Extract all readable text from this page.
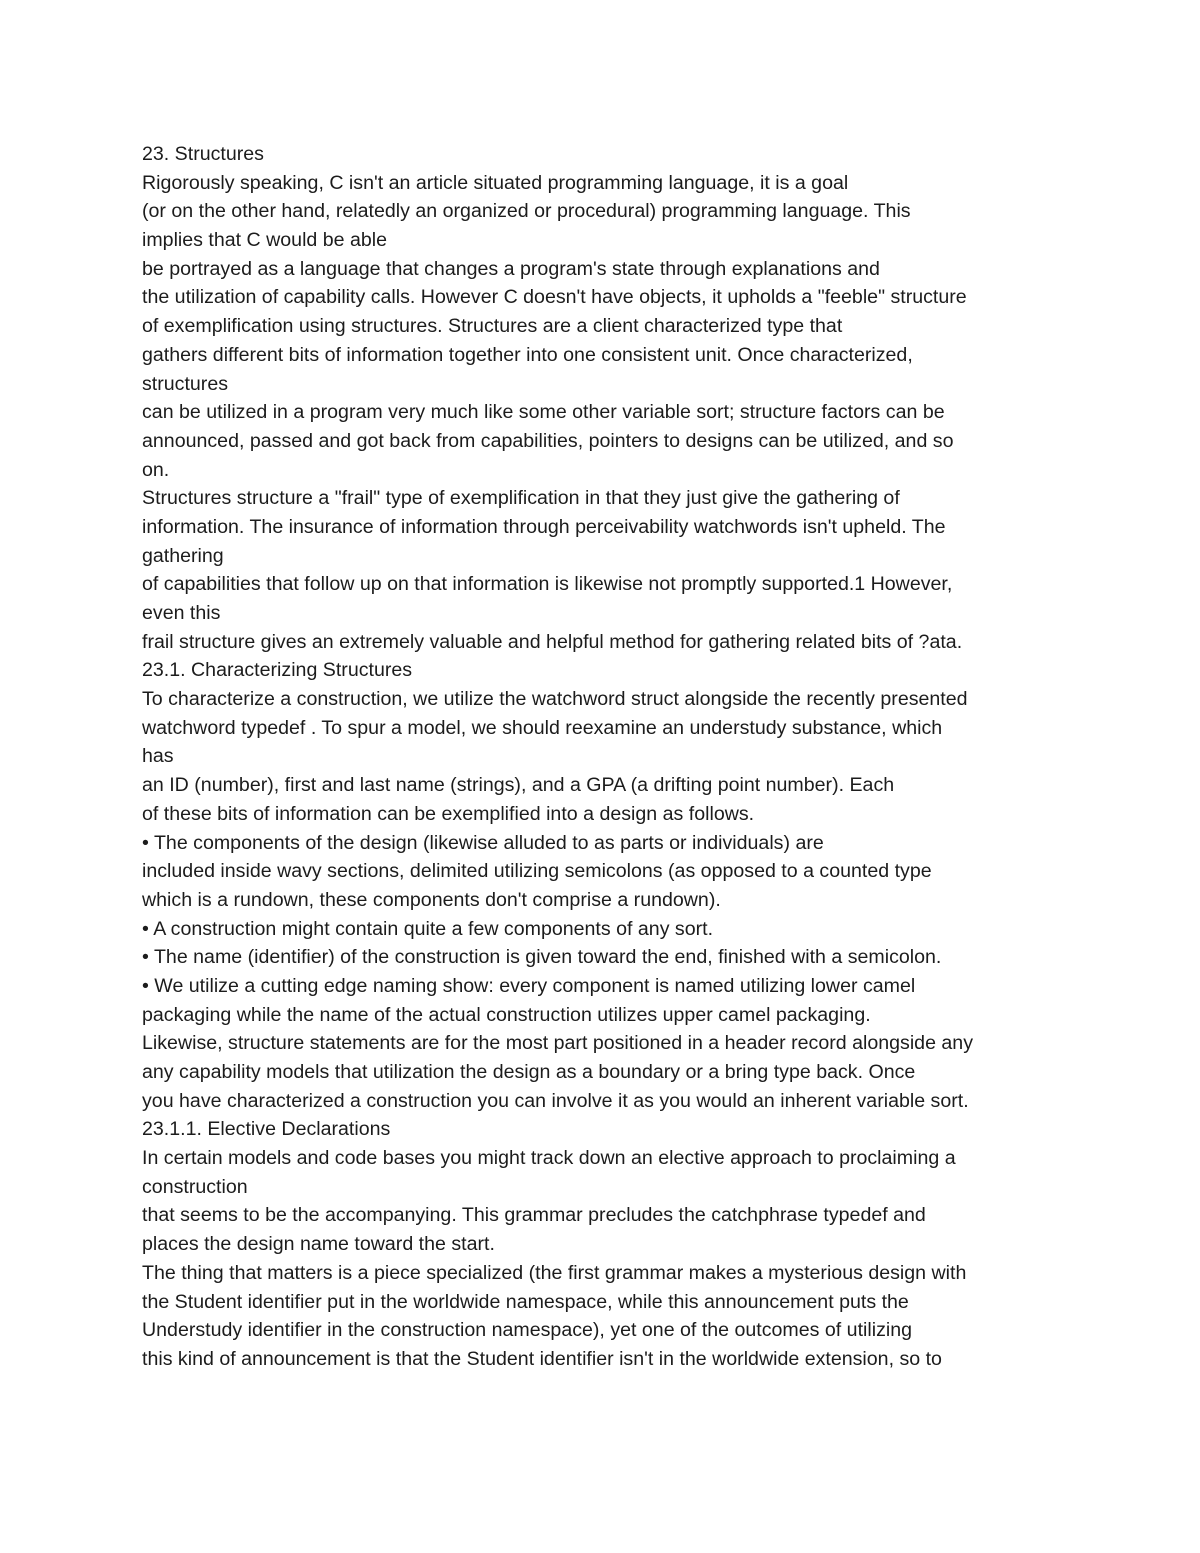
23. Structures
Rigorously speaking, C isn't an article situated programming language, it is a goal
(or on the other hand, relatedly an organized or procedural) programming language. This
implies that C would be able
be portrayed as a language that changes a program's state through explanations and
the utilization of capability calls. However C doesn't have objects, it upholds a "feeble" structure
of exemplification using structures. Structures are a client characterized type that
gathers different bits of information together into one consistent unit. Once characterized,
structures
can be utilized in a program very much like some other variable sort; structure factors can be
announced, passed and got back from capabilities, pointers to designs can be utilized, and so
on.
Structures structure a "frail" type of exemplification in that they just give the gathering of
information. The insurance of information through perceivability watchwords isn't upheld. The
gathering
of capabilities that follow up on that information is likewise not promptly supported.1 However,
even this
frail structure gives an extremely valuable and helpful method for gathering related bits of ?ata.
23.1. Characterizing Structures
To characterize a construction, we utilize the watchword struct alongside the recently presented
watchword typedef . To spur a model, we should reexamine an understudy substance, which
has
an ID (number), first and last name (strings), and a GPA (a drifting point number). Each
of these bits of information can be exemplified into a design as follows.
• The components of the design (likewise alluded to as parts or individuals) are
included inside wavy sections, delimited utilizing semicolons (as opposed to a counted type
which is a rundown, these components don't comprise a rundown).
• A construction might contain quite a few components of any sort.
• The name (identifier) of the construction is given toward the end, finished with a semicolon.
• We utilize a cutting edge naming show: every component is named utilizing lower camel
packaging while the name of the actual construction utilizes upper camel packaging.
Likewise, structure statements are for the most part positioned in a header record alongside any
any capability models that utilization the design as a boundary or a bring type back. Once
you have characterized a construction you can involve it as you would an inherent variable sort.
23.1.1. Elective Declarations
In certain models and code bases you might track down an elective approach to proclaiming a
construction
that seems to be the accompanying. This grammar precludes the catchphrase typedef and
places the design name toward the start.
The thing that matters is a piece specialized (the first grammar makes a mysterious design with
the Student identifier put in the worldwide namespace, while this announcement puts the
Understudy identifier in the construction namespace), yet one of the outcomes of utilizing
this kind of announcement is that the Student identifier isn't in the worldwide extension, so to
